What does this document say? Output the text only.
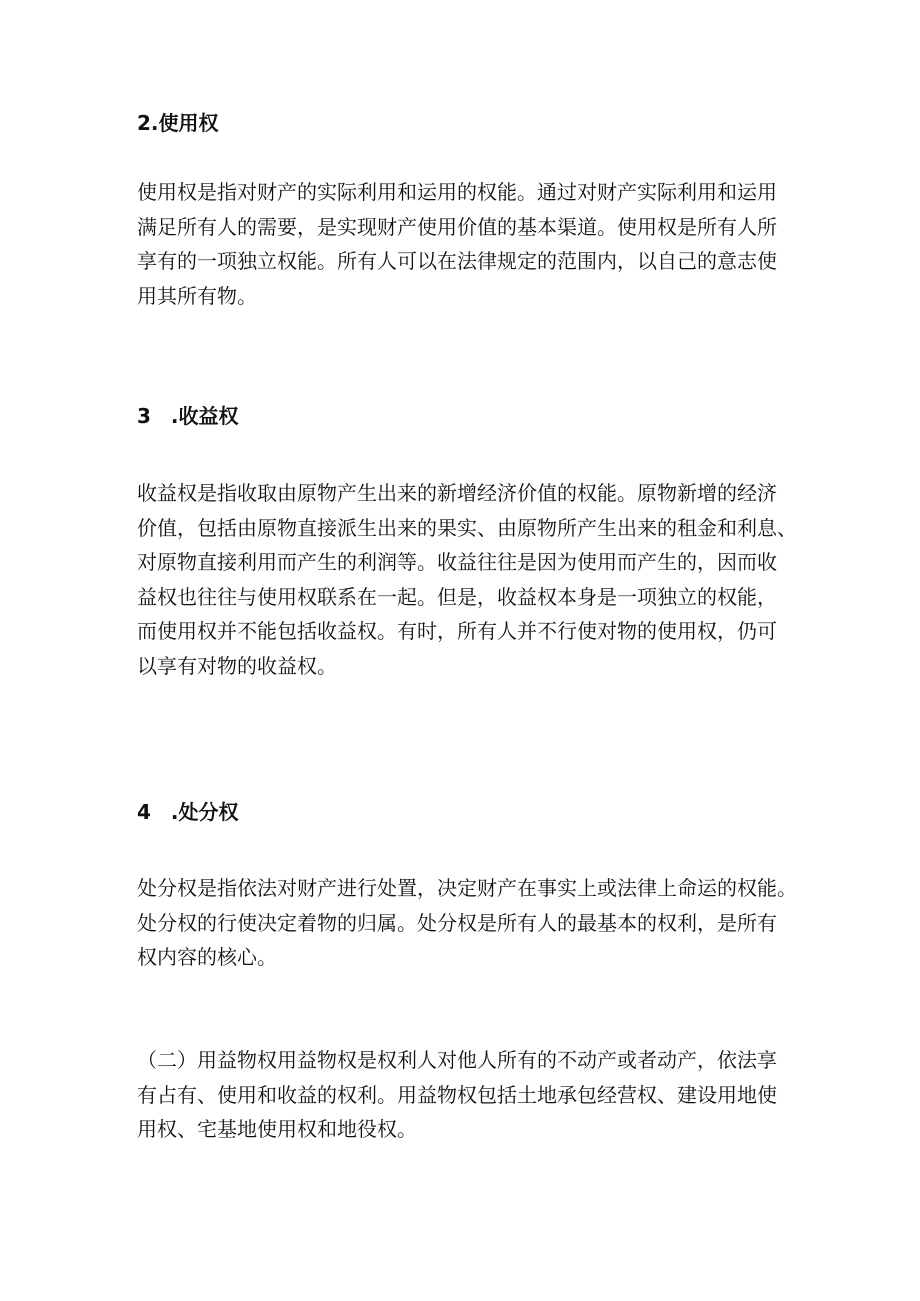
2.使用权

使用权是指对财产的实际利用和运用的权能。通过对财产实际利用和运用
满足所有人的需要，是实现财产使用价值的基本渠道。使用权是所有人所
享有的一项独立权能。所有人可以在法律规定的范围内，以自己的意志使
用其所有物。

3　.收益权

收益权是指收取由原物产生出来的新增经济价值的权能。原物新增的经济
价值，包括由原物直接派生出来的果实、由原物所产生出来的租金和利息、
对原物直接利用而产生的利润等。收益往往是因为使用而产生的，因而收
益权也往往与使用权联系在一起。但是，收益权本身是一项独立的权能，
而使用权并不能包括收益权。有时，所有人并不行使对物的使用权，仍可
以享有对物的收益权。

4　.处分权

处分权是指依法对财产进行处置，决定财产在事实上或法律上命运的权能。
处分权的行使决定着物的归属。处分权是所有人的最基本的权利，是所有
权内容的核心。

（二）用益物权用益物权是权利人对他人所有的不动产或者动产，依法享
有占有、使用和收益的权利。用益物权包括土地承包经营权、建设用地使
用权、宅基地使用权和地役权。
